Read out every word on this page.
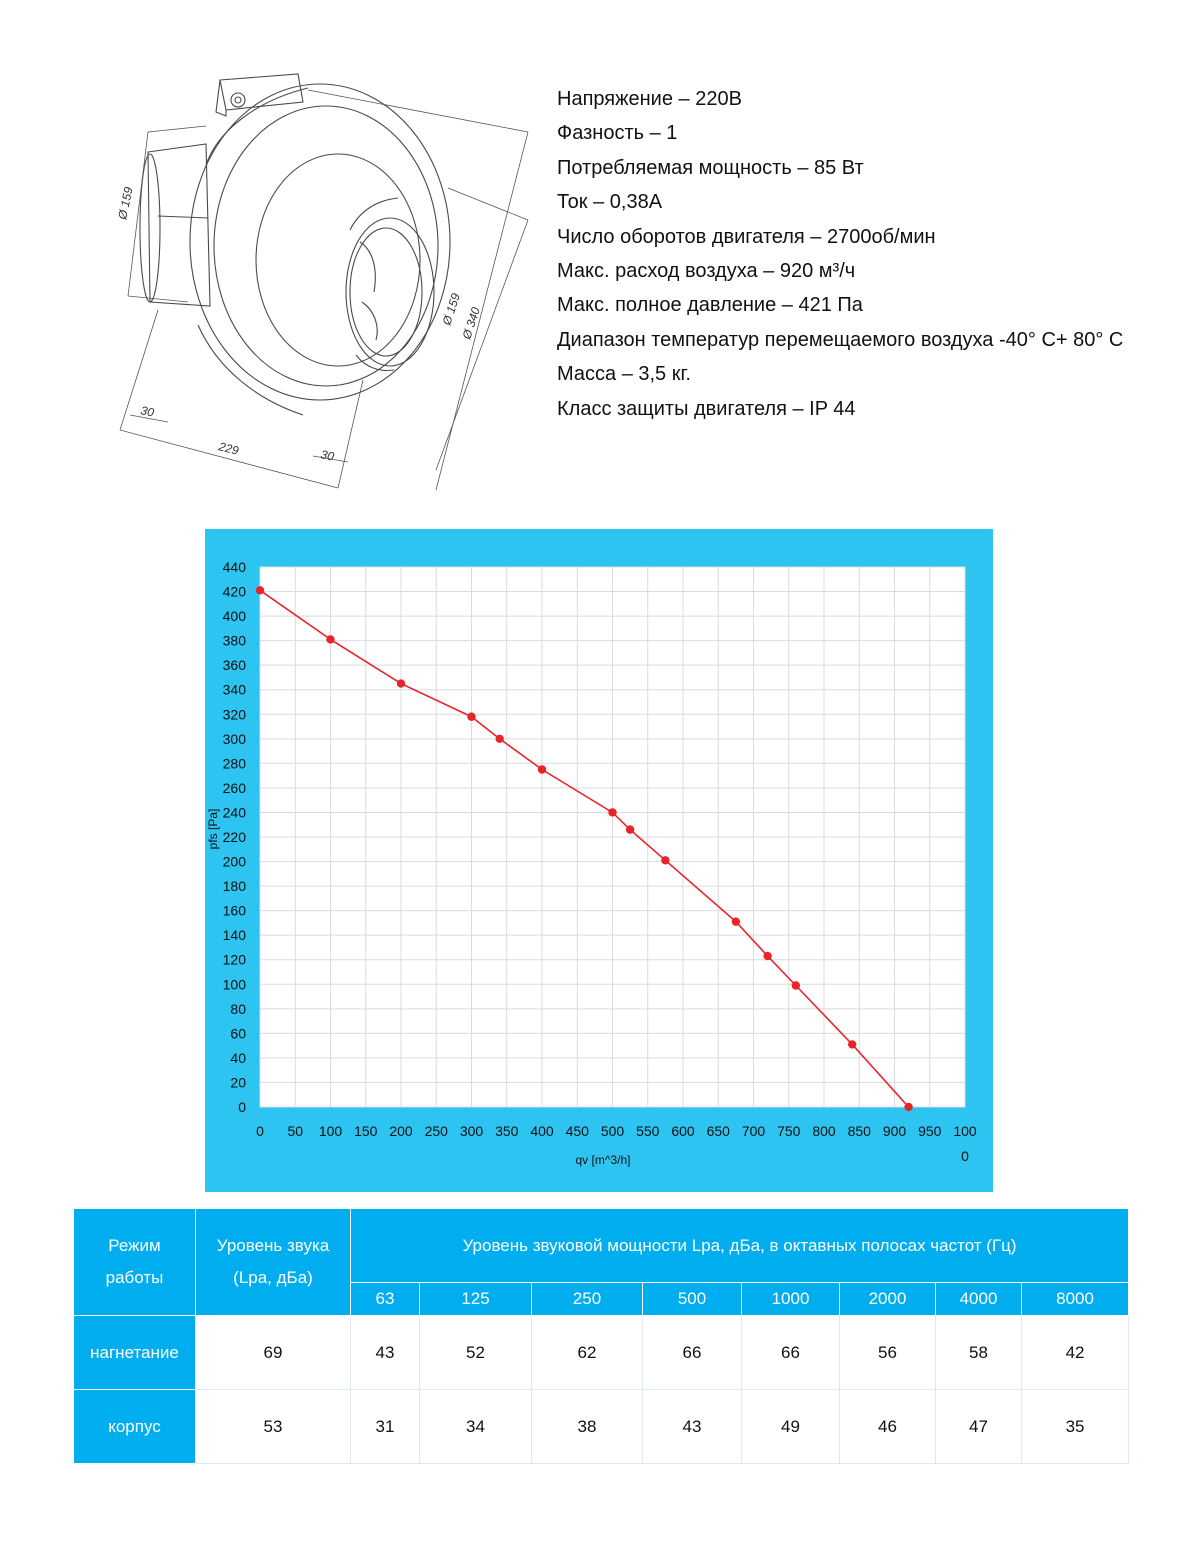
Ø 159
Ø 159
Ø 340
30
30
229
Напряжение – 220В
Фазность – 1
Потребляемая мощность – 85 Вт
Ток – 0,38А
Число оборотов двигателя – 2700об/мин
Макс. расход воздуха – 920 м³/ч
Макс. полное давление – 421 Па
Диапазон температур перемещаемого воздуха -40° С+ 80° С
Масса – 3,5 кг.
Класс защиты двигателя – IP 44
0
20
40
60
80
100
120
140
160
180
200
220
240
260
280
300
320
340
360
380
400
420
440
0 50 100 150 200 250 300 350 400 450 500 550 600 650 700 750 800 850 900 950 100
0
pfs [Pa]
qv [m^3/h]
Режим работы	Уровень звука (Lpa, дБа)	Уровень звуковой мощности Lpa, дБа, в октавных полосах частот (Гц)							
		63	125	250	500	1000	2000	4000	8000
нагнетание	69	43	52	62	66	66	56	58	42
корпус	53	31	34	38	43	49	46	47	35
